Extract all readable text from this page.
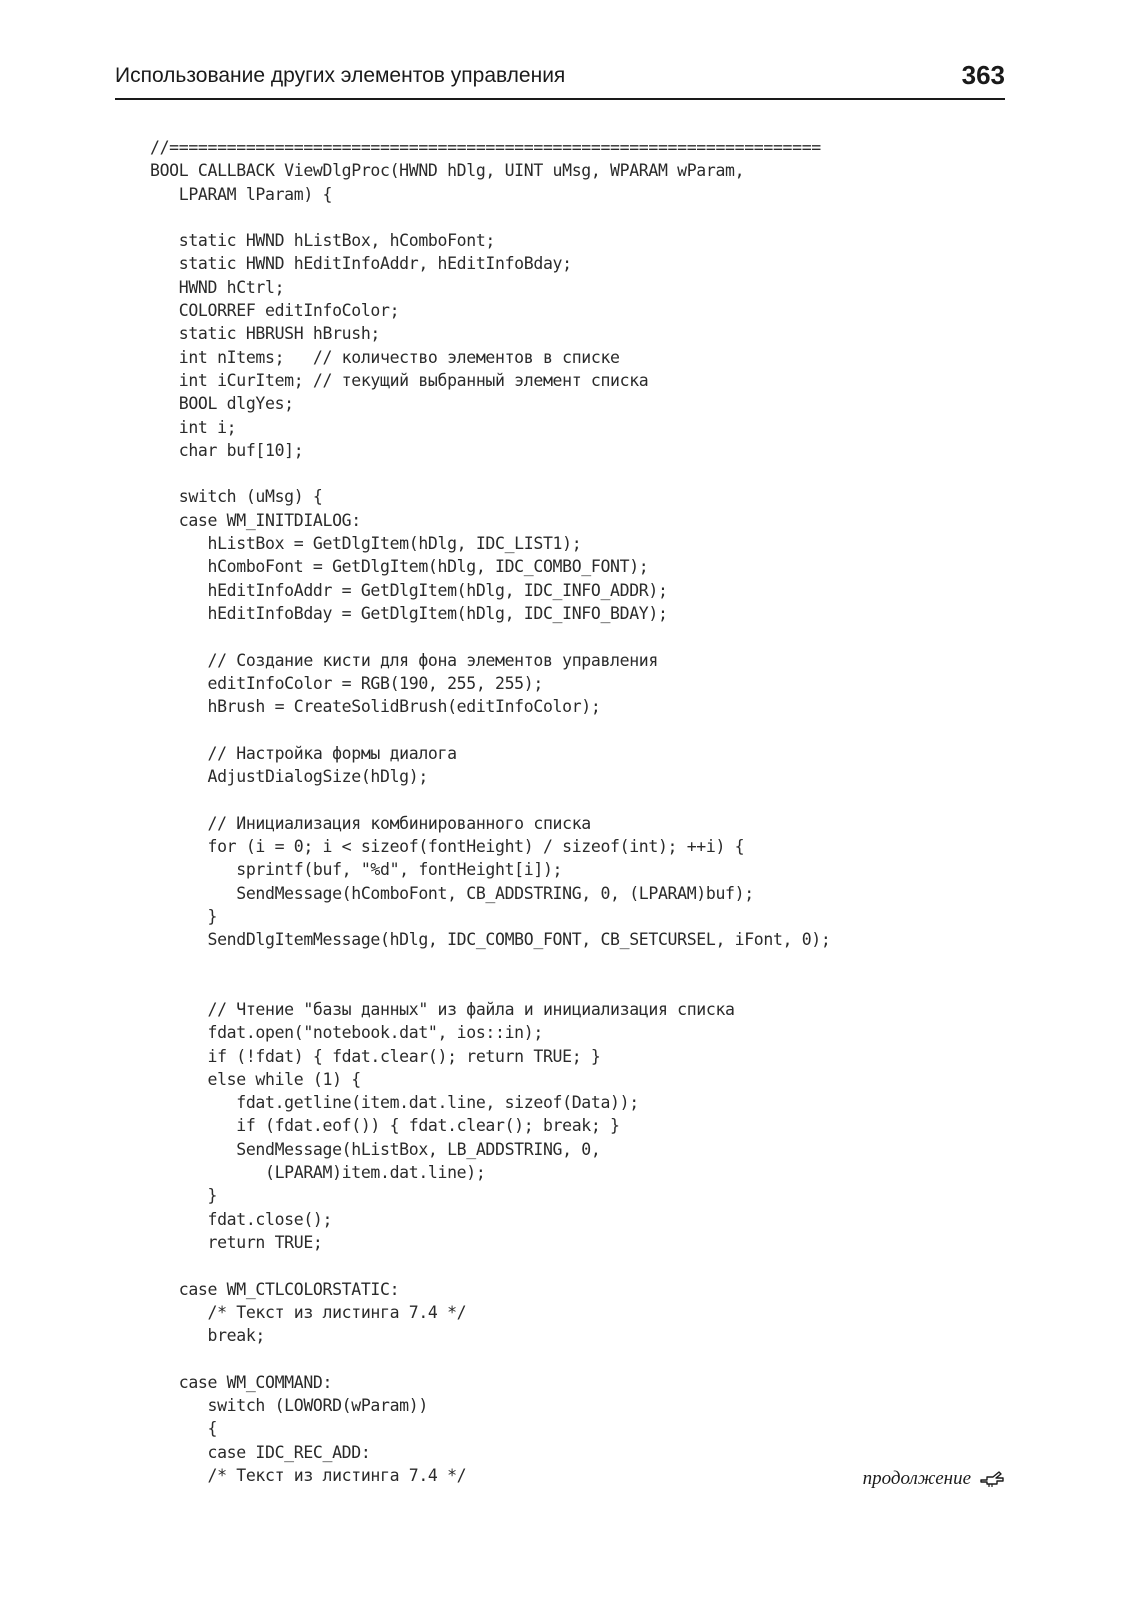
Использование других элементов управления	363
//====================================================================
BOOL CALLBACK ViewDlgProc(HWND hDlg, UINT uMsg, WPARAM wParam,
LPARAM lParam) {

static HWND hListBox, hComboFont;
static HWND hEditInfoAddr, hEditInfoBday;
HWND hCtrl;
COLORREF editInfoColor;
static HBRUSH hBrush;
int nItems;   // количество элементов в списке
int iCurItem; // текущий выбранный элемент списка
BOOL dlgYes;
int i;
char buf[10];

switch (uMsg) {
case WM_INITDIALOG:
hListBox = GetDlgItem(hDlg, IDC_LIST1);
hComboFont = GetDlgItem(hDlg, IDC_COMBO_FONT);
hEditInfoAddr = GetDlgItem(hDlg, IDC_INFO_ADDR);
hEditInfoBday = GetDlgItem(hDlg, IDC_INFO_BDAY);

// Создание кисти для фона элементов управления
editInfoColor = RGB(190, 255, 255);
hBrush = CreateSolidBrush(editInfoColor);

// Настройка формы диалога
AdjustDialogSize(hDlg);

// Инициализация комбинированного списка
for (i = 0; i < sizeof(fontHeight) / sizeof(int); ++i) {
sprintf(buf, "%d", fontHeight[i]);
SendMessage(hComboFont, CB_ADDSTRING, 0, (LPARAM)buf);
}
SendDlgItemMessage(hDlg, IDC_COMBO_FONT, CB_SETCURSEL, iFont, 0);

// Чтение "базы данных" из файла и инициализация списка
fdat.open("notebook.dat", ios::in);
if (!fdat) { fdat.clear(); return TRUE; }
else while (1) {
fdat.getline(item.dat.line, sizeof(Data));
if (fdat.eof()) { fdat.clear(); break; }
SendMessage(hListBox, LB_ADDSTRING, 0,
(LPARAM)item.dat.line);
}
fdat.close();
return TRUE;

case WM_CTLCOLORSTATIC:
/* Текст из листинга 7.4 */
break;

case WM_COMMAND:
switch (LOWORD(wParam))
{
case IDC_REC_ADD:
/* Текст из листинга 7.4 */	продолжение
